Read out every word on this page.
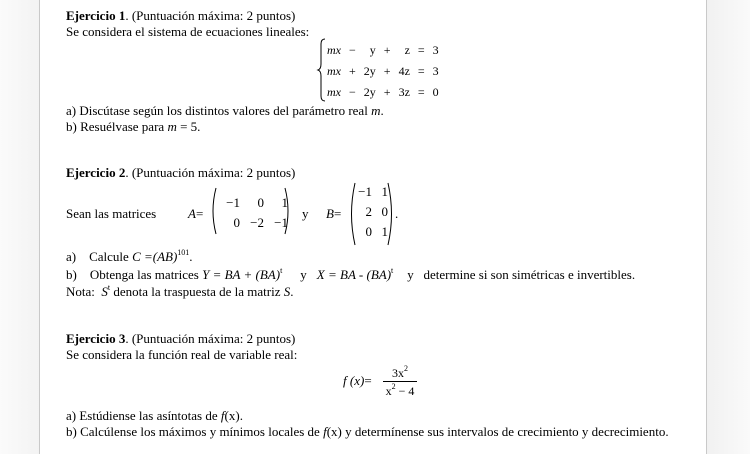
Ejercicio 1. (Puntuación máxima: 2 puntos)
Se considera el sistema de ecuaciones lineales:
mx	−	y	+	z	=	3
mx	+	2y	+	4z	=	3
mx	−	2y	+	3z	=	0
a) Discútase según los distintos valores del parámetro real m.
b) Resuélvase para m = 5.
Ejercicio 2. (Puntuación máxima: 2 puntos)
Sean las matrices A=
−1	0	1
0 −2 −1
y B=
−1 1
2 0
0 1
.
a)    Calcule C =(AB)$^{101}$.
b)    Obtenga las matrices Y = BA + (BA)$^t$ y X = BA - (BA)$^t$ y   determine si son simétricas e invertibles.
Nota:  $S^t$ denota la traspuesta de la matriz S.
Ejercicio 3. (Puntuación máxima: 2 puntos)
Se considera la función real de variable real:
f (x)=	$3x^2$
$x^2 - 4$
a) Estúdiense las asíntotas de f(x).
b) Calcúlense los máximos y mínimos locales de f(x) y determínense sus intervalos de crecimiento y decrecimiento.
